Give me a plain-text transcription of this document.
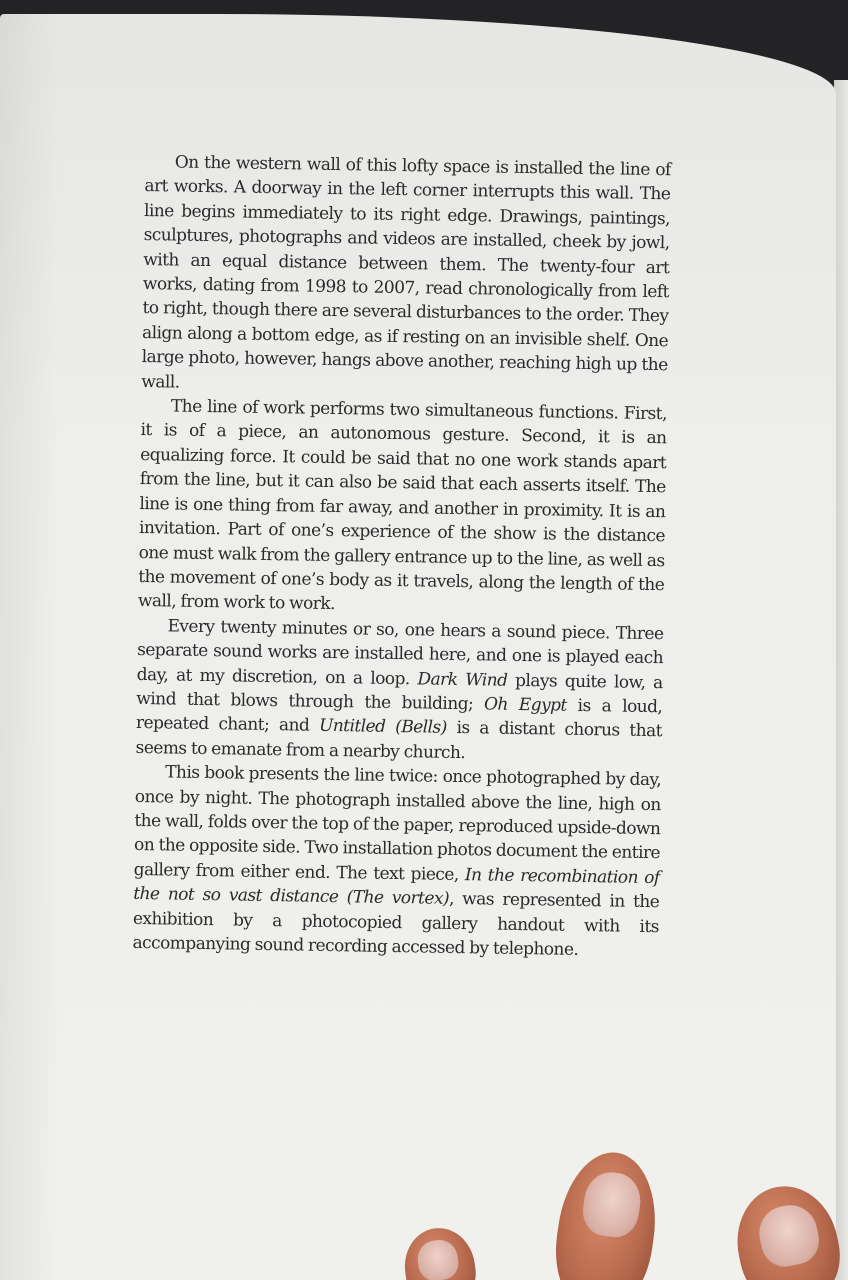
On the western wall of this lofty space is installed the line of art works. A doorway in the left corner interrupts this wall. The line begins immediately to its right edge. Drawings, paintings, sculptures, photographs and videos are installed, cheek by jowl, with an equal distance between them. The twenty-four art works, dating from 1998 to 2007, read chronologically from left to right, though there are several disturbances to the order. They align along a bottom edge, as if resting on an invisible shelf. One large photo, however, hangs above another, reaching high up the wall.

The line of work performs two simultaneous functions. First, it is of a piece, an autonomous gesture. Second, it is an equalizing force. It could be said that no one work stands apart from the line, but it can also be said that each asserts itself. The line is one thing from far away, and another in proximity. It is an invitation. Part of one’s experience of the show is the distance one must walk from the gallery entrance up to the line, as well as the movement of one’s body as it travels, along the length of the wall, from work to work.

Every twenty minutes or so, one hears a sound piece. Three separate sound works are installed here, and one is played each day, at my discretion, on a loop. Dark Wind plays quite low, a wind that blows through the building; Oh Egypt is a loud, repeated chant; and Untitled (Bells) is a distant chorus that seems to emanate from a nearby church.

This book presents the line twice: once photographed by day, once by night. The photograph installed above the line, high on the wall, folds over the top of the paper, reproduced upside-down on the opposite side. Two installation photos document the entire gallery from either end. The text piece, In the recombination of the not so vast distance (The vortex), was represented in the exhibition by a photocopied gallery handout with its accompanying sound recording accessed by telephone.
